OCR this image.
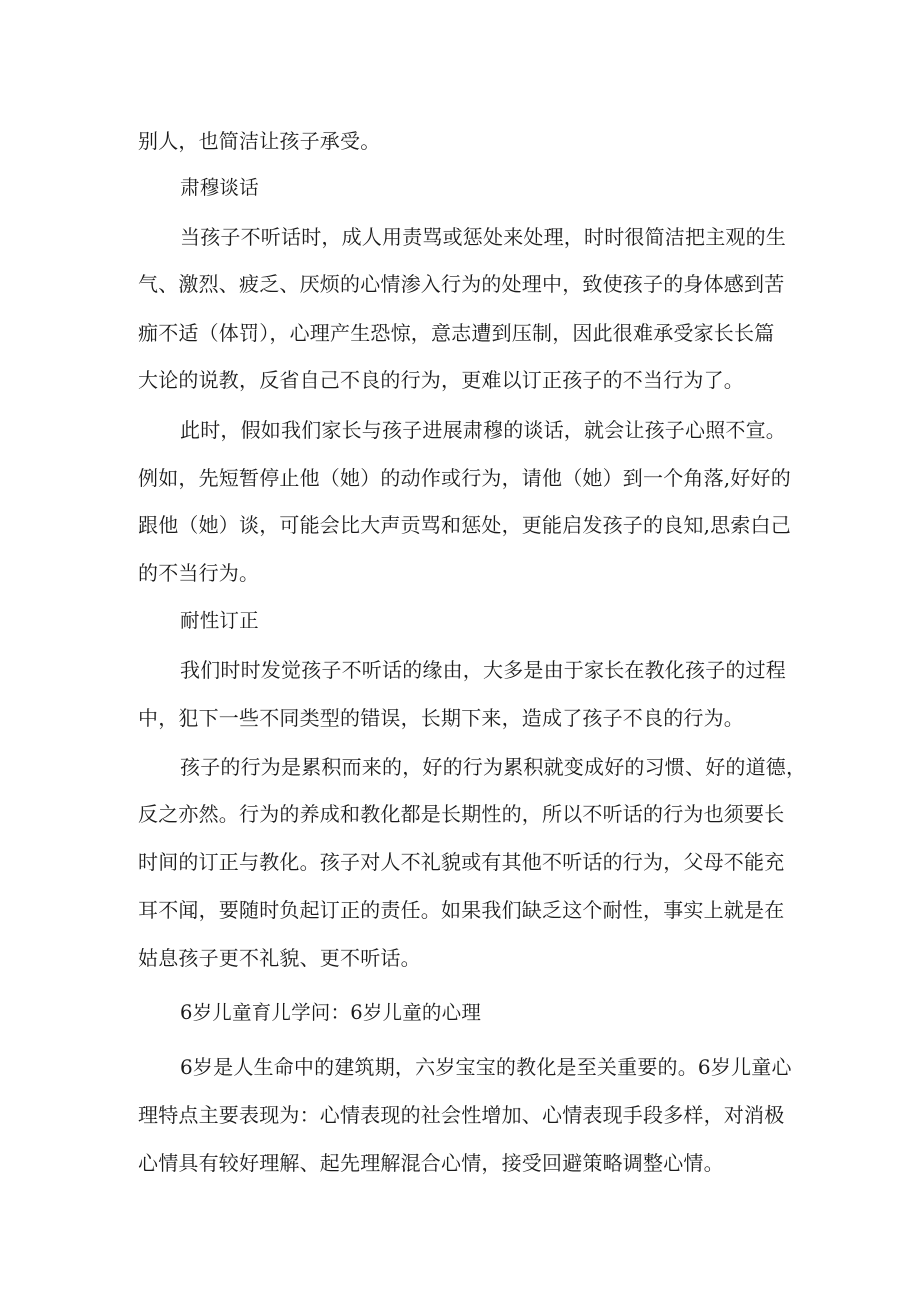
别人，也简洁让孩子承受。
肃穆谈话
当孩子不听话时，成人用责骂或惩处来处理，时时很简洁把主观的生
气、激烈、疲乏、厌烦的心情渗入行为的处理中，致使孩子的身体感到苦
痂不适（体罚），心理产生恐惊，意志遭到压制，因此很难承受家长长篇
大论的说教，反省自己不良的行为，更难以订正孩子的不当行为了。
此时，假如我们家长与孩子进展肃穆的谈话，就会让孩子心照不宣。
例如，先短暂停止他（她）的动作或行为，请他（她）到一个角落,好好的
跟他（她）谈，可能会比大声贡骂和惩处，更能启发孩子的良知,思索白己
的不当行为。
耐性订正
我们时时发觉孩子不听话的缘由，大多是由于家长在教化孩子的过程
中，犯下一些不同类型的错误，长期下来，造成了孩子不良的行为。
孩子的行为是累积而来的，好的行为累积就变成好的习惯、好的道德，
反之亦然。行为的养成和教化都是长期性的，所以不听话的行为也须要长
时间的订正与教化。孩子对人不礼貌或有其他不听话的行为，父母不能充
耳不闻，要随时负起订正的责任。如果我们缺乏这个耐性，事实上就是在
姑息孩子更不礼貌、更不听话。
6岁儿童育儿学问：6岁儿童的心理
6岁是人生命中的建筑期，六岁宝宝的教化是至关重要的。6岁儿童心
理特点主要表现为：心情表现的社会性增加、心情表现手段多样，对消极
心情具有较好理解、起先理解混合心情，接受回避策略调整心情。
